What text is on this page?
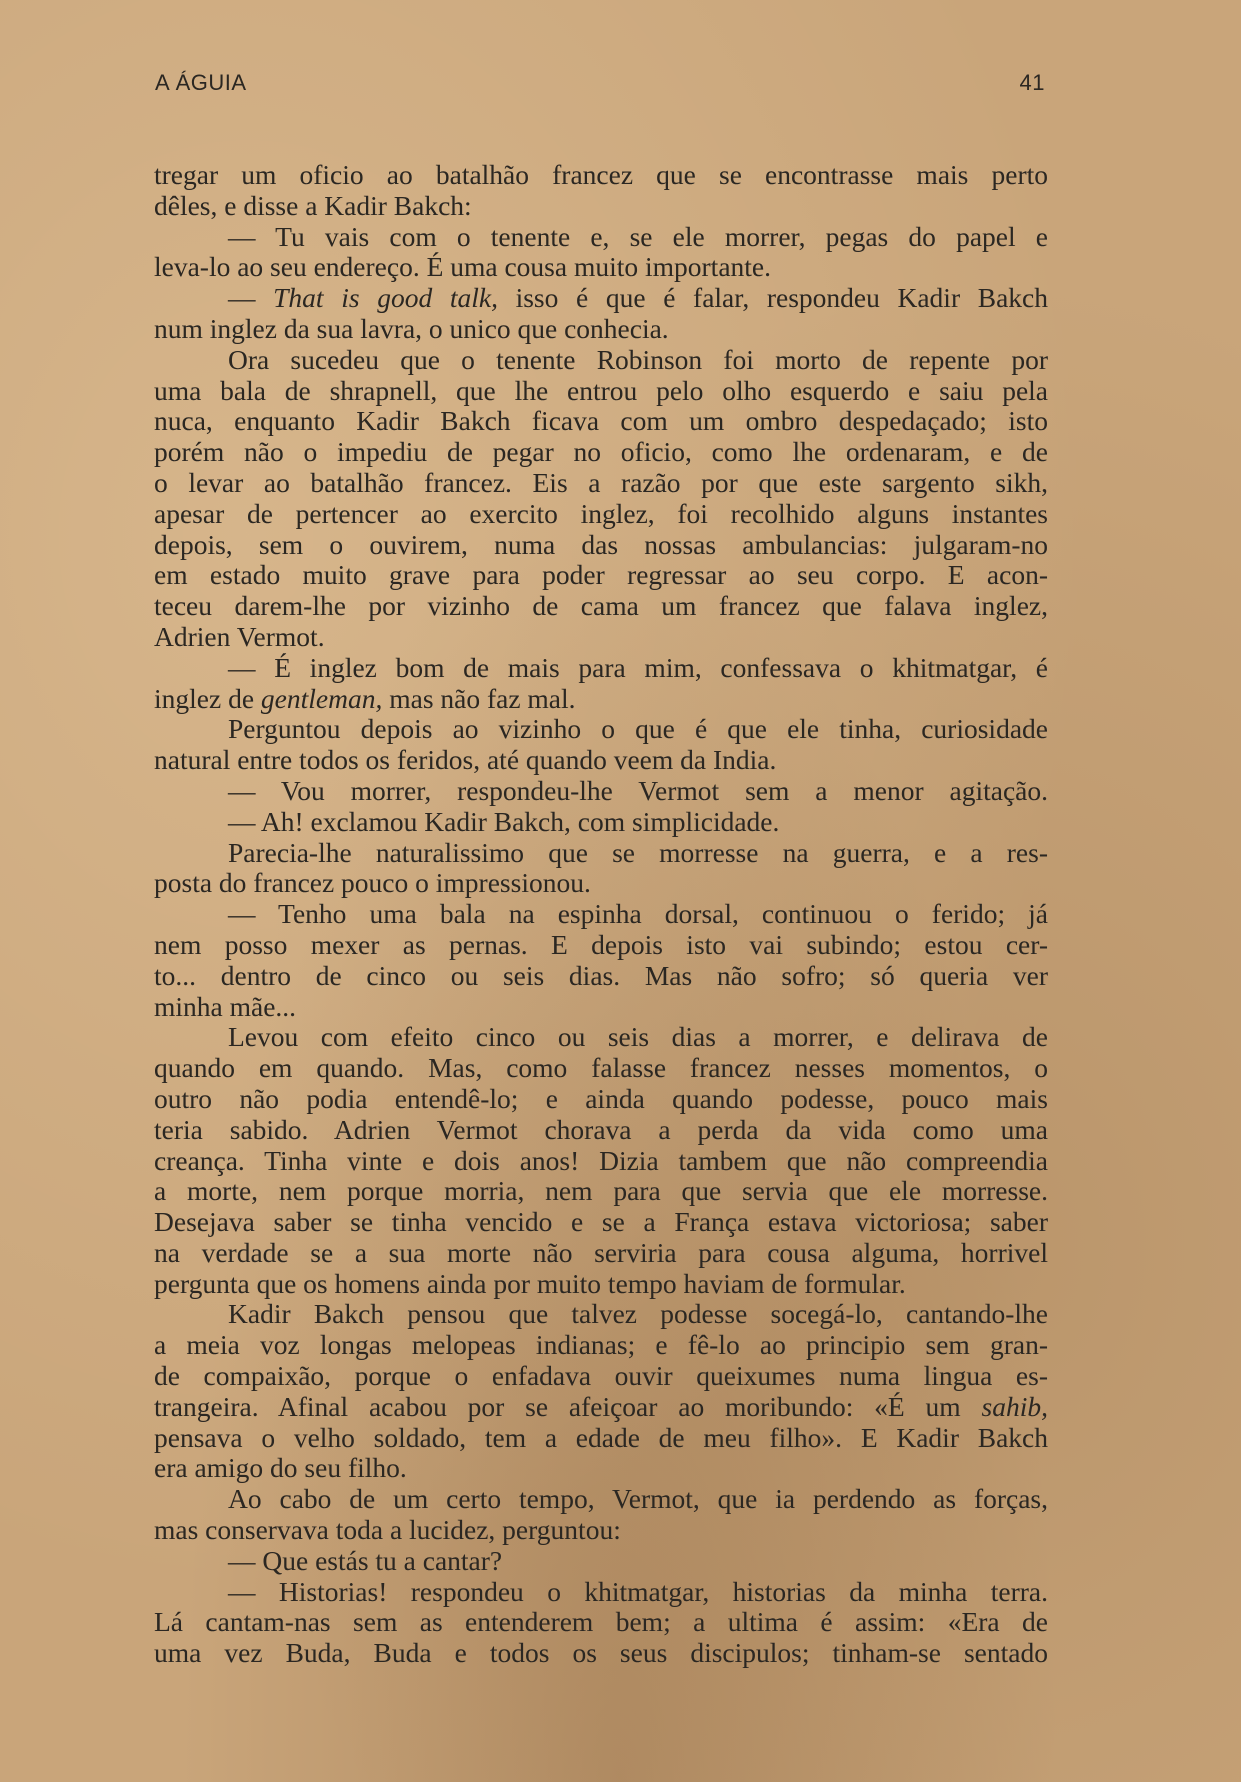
A ÁGUIA	41
tregar um oficio ao batalhão francez que se encontrasse mais perto
dêles, e disse a Kadir Bakch:
— Tu vais com o tenente e, se ele morrer, pegas do papel e
leva-lo ao seu endereço. É uma cousa muito importante.
— That is good talk, isso é que é falar, respondeu Kadir Bakch
num inglez da sua lavra, o unico que conhecia.
Ora sucedeu que o tenente Robinson foi morto de repente por
uma bala de shrapnell, que lhe entrou pelo olho esquerdo e saiu pela
nuca, enquanto Kadir Bakch ficava com um ombro despedaçado; isto
porém não o impediu de pegar no oficio, como lhe ordenaram, e de
o levar ao batalhão francez. Eis a razão por que este sargento sikh,
apesar de pertencer ao exercito inglez, foi recolhido alguns instantes
depois, sem o ouvirem, numa das nossas ambulancias: julgaram-no
em estado muito grave para poder regressar ao seu corpo. E acon-
teceu darem-lhe por vizinho de cama um francez que falava inglez,
Adrien Vermot.
— É inglez bom de mais para mim, confessava o khitmatgar, é
inglez de gentleman, mas não faz mal.
Perguntou depois ao vizinho o que é que ele tinha, curiosidade
natural entre todos os feridos, até quando veem da India.
— Vou morrer, respondeu-lhe Vermot sem a menor agitação.
— Ah! exclamou Kadir Bakch, com simplicidade.
Parecia-lhe naturalissimo que se morresse na guerra, e a res-
posta do francez pouco o impressionou.
— Tenho uma bala na espinha dorsal, continuou o ferido; já
nem posso mexer as pernas. E depois isto vai subindo; estou cer-
to... dentro de cinco ou seis dias. Mas não sofro; só queria ver
minha mãe...
Levou com efeito cinco ou seis dias a morrer, e delirava de
quando em quando. Mas, como falasse francez nesses momentos, o
outro não podia entendê-lo; e ainda quando podesse, pouco mais
teria sabido. Adrien Vermot chorava a perda da vida como uma
creança. Tinha vinte e dois anos! Dizia tambem que não compreendia
a morte, nem porque morria, nem para que servia que ele morresse.
Desejava saber se tinha vencido e se a França estava victoriosa; saber
na verdade se a sua morte não serviria para cousa alguma, horrivel
pergunta que os homens ainda por muito tempo haviam de formular.
Kadir Bakch pensou que talvez podesse socegá-lo, cantando-lhe
a meia voz longas melopeas indianas; e fê-lo ao principio sem gran-
de compaixão, porque o enfadava ouvir queixumes numa lingua es-
trangeira. Afinal acabou por se afeiçoar ao moribundo: «É um sahib,
pensava o velho soldado, tem a edade de meu filho». E Kadir Bakch
era amigo do seu filho.
Ao cabo de um certo tempo, Vermot, que ia perdendo as forças,
mas conservava toda a lucidez, perguntou:
— Que estás tu a cantar?
— Historias! respondeu o khitmatgar, historias da minha terra.
Lá cantam-nas sem as entenderem bem; a ultima é assim: «Era de
uma vez Buda, Buda e todos os seus discipulos; tinham-se sentado
